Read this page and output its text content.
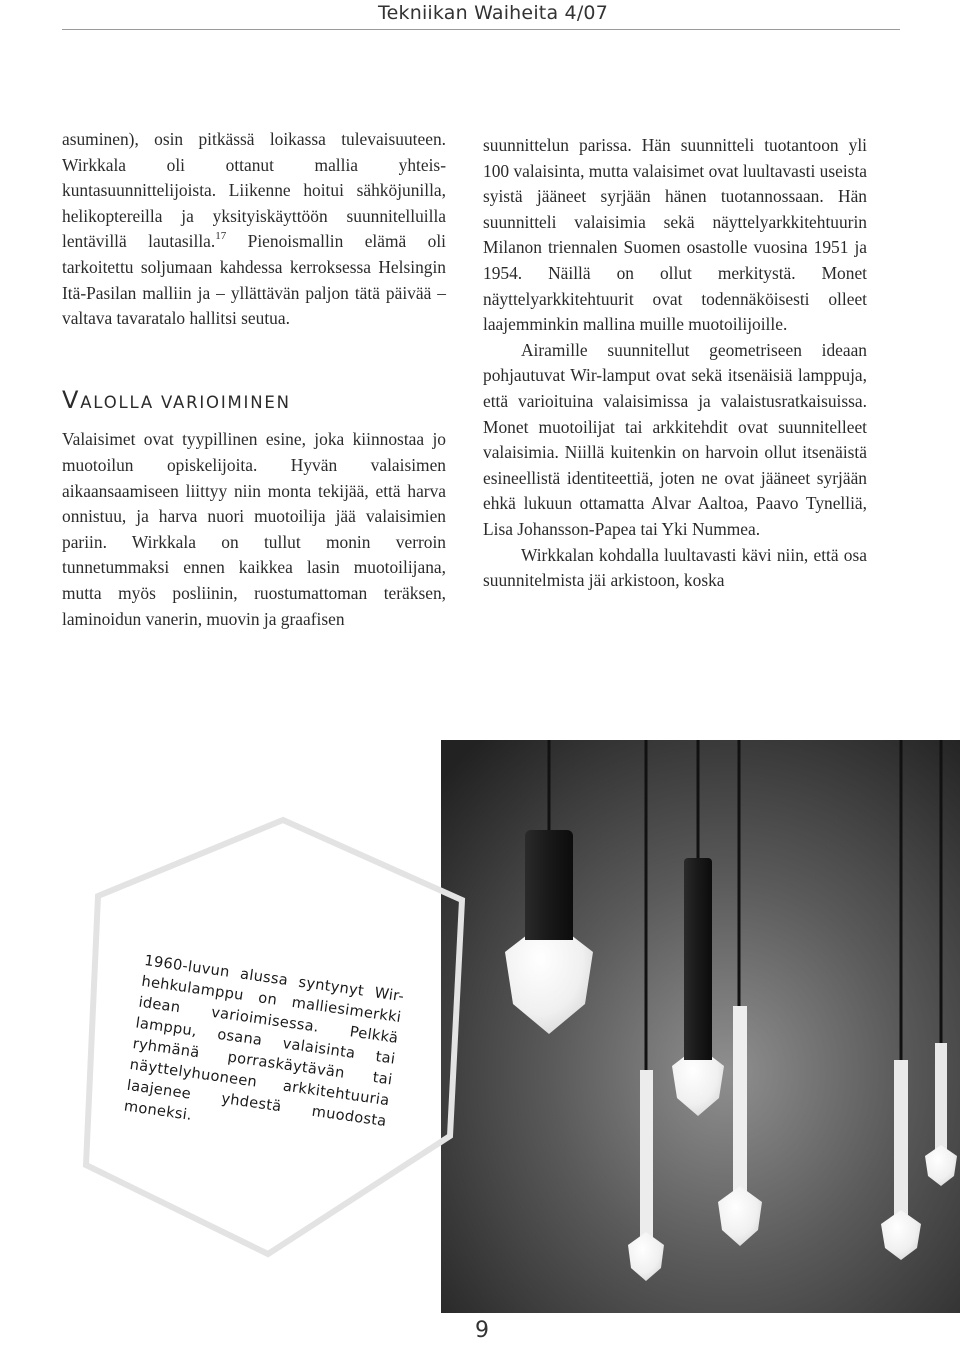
Tekniikan Waiheita 4/07

asuminen), osin pitkässä loikassa tulevaisuuteen. Wirkkala oli ottanut mallia yhteiskuntasuunnittelijoista. Liikenne hoitui sähköjunilla, helikoptereilla ja yksityiskäyttöön suunnitelluilla lentävillä lautasilla.$^{17}$ Pienoismallin elämä oli tarkoitettu soljumaan kahdessa kerroksessa Helsingin Itä-Pasilan malliin ja – yllättävän paljon tätä päivää – valtava tavaratalo hallitsi seutua.

VALOLLA VARIOIMINEN

Valaisimet ovat tyypillinen esine, joka kiinnostaa jo muotoilun opiskelijoita. Hyvän valaisimen aikaansaamiseen liittyy niin monta tekijää, että harva onnistuu, ja harva nuori muotoilija jää valaisimien pariin. Wirkkala on tullut monin verroin tunnetummaksi ennen kaikkea lasin muotoilijana, mutta myös posliinin, ruostumattoman teräksen, laminoidun vanerin, muovin ja graafisen

suunnittelun parissa. Hän suunnitteli tuotantoon yli 100 valaisinta, mutta valaisimet ovat luultavasti useista syistä jääneet syrjään hänen tuotannossaan. Hän suunnitteli valaisimia sekä näyttelyarkkitehtuurin Milanon triennalen Suomen osastolle vuosina 1951 ja 1954. Näillä on ollut merkitystä. Monet näyttelyarkkitehtuurit ovat todennäköisesti olleet laajemminkin mallina muille muotoilijoille.

Airamille suunnitellut geometriseen ideaan pohjautuvat Wir-lamput ovat sekä itsenäisiä lamppuja, että varioituina valaisimissa ja valaistusratkaisuissa. Monet muotoilijat tai arkkitehdit ovat suunnitelleet valaisimia. Niillä kuitenkin on harvoin ollut itsenäistä esineellistä identiteettiä, joten ne ovat jääneet syrjään ehkä lukuun ottamatta Alvar Aaltoa, Paavo Tynelliä, Lisa Johansson-Papea tai Yki Nummea.

Wirkkalan kohdalla luultavasti kävi niin, että osa suunnitelmista jäi arkistoon, koska

1960-luvun alussa syntynyt Wir-hehkulamppu on malliesimerkki idean varioimisessa. Pelkkä lamppu, osana valaisinta tai ryhmänä porraskäytävän tai näyttelyhuoneen arkkitehtuuria laajenee yhdestä muodosta moneksi.
9
